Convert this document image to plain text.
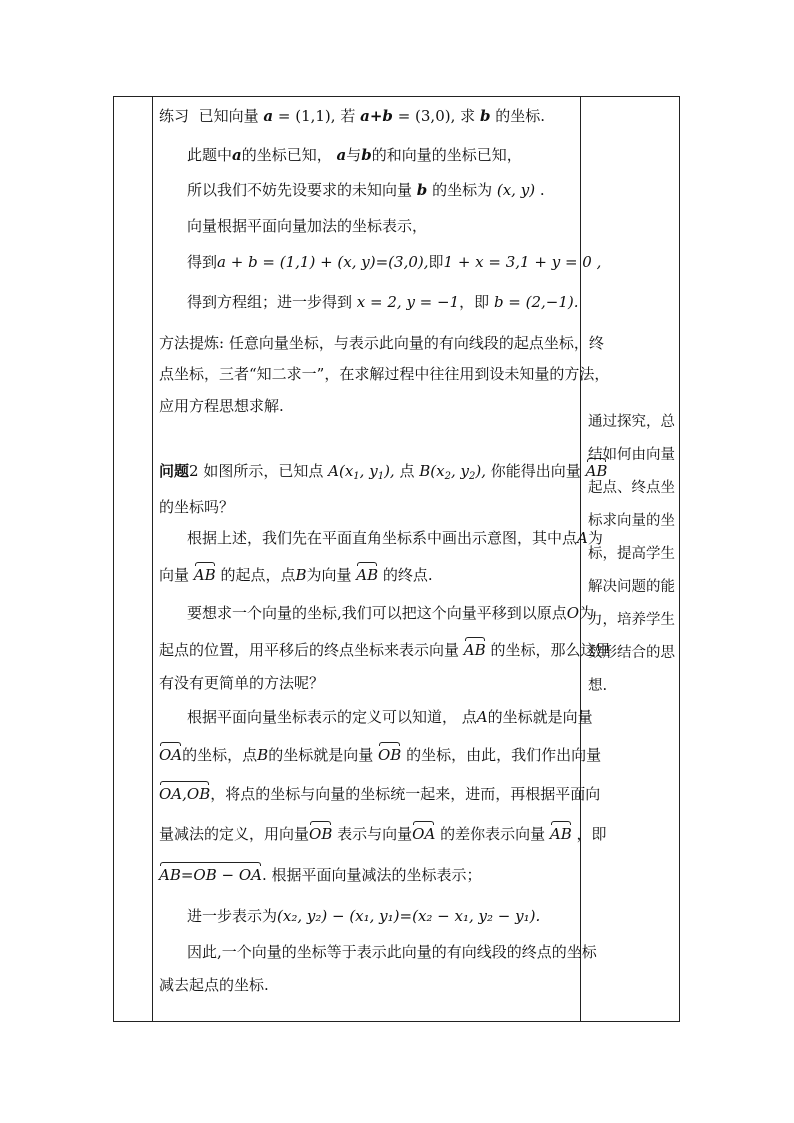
练习 已知向量 a = (1,1), 若 a+b = (3,0), 求 b 的坐标.
此题中a的坐标已知， a与b的和向量的坐标已知，
所以我们不妨先设要求的未知向量 b 的坐标为 (x, y) .
向量根据平面向量加法的坐标表示，
得到a + b = (1,1) + (x, y)=(3,0),即1 + x = 3,1 + y = 0 ,
得到方程组；进一步得到 x = 2, y = −1，即 b = (2,−1).
方法提炼: 任意向量坐标，与表示此向量的有向线段的起点坐标，终
点坐标，三者“知二求一”，在求解过程中往往用到设未知量的方法，
应用方程思想求解.
问题2 如图所示，已知点 $A(x_1$, $y_1$), 点 $B(x_2$, $y_2$), 你能得出向量 AB
的坐标吗？
根据上述，我们先在平面直角坐标系中画出示意图，其中点A为
向量 AB 的起点，点B为向量 AB 的终点.
要想求一个向量的坐标,我们可以把这个向量平移到以原点O为
起点的位置，用平移后的终点坐标来表示向量 AB 的坐标，那么这里
有没有更简单的方法呢？
根据平面向量坐标表示的定义可以知道， 点A的坐标就是向量
OA的坐标，点B的坐标就是向量 OB 的坐标，由此，我们作出向量
OA,OB，将点的坐标与向量的坐标统一起来，进而，再根据平面向
量减法的定义，用向量OB 表示与向量OA 的差你表示向量 AB ，即
AB=OB − OA. 根据平面向量减法的坐标表示；
进一步表示为(x₂, y₂) − (x₁, y₁)=(x₂ − x₁, y₂ − y₁).
因此,一个向量的坐标等于表示此向量的有向线段的终点的坐标
减去起点的坐标.
通过探究，总
结如何由向量
起点、终点坐
标求向量的坐
标，提高学生
解决问题的能
力，培养学生
数形结合的思
想.
